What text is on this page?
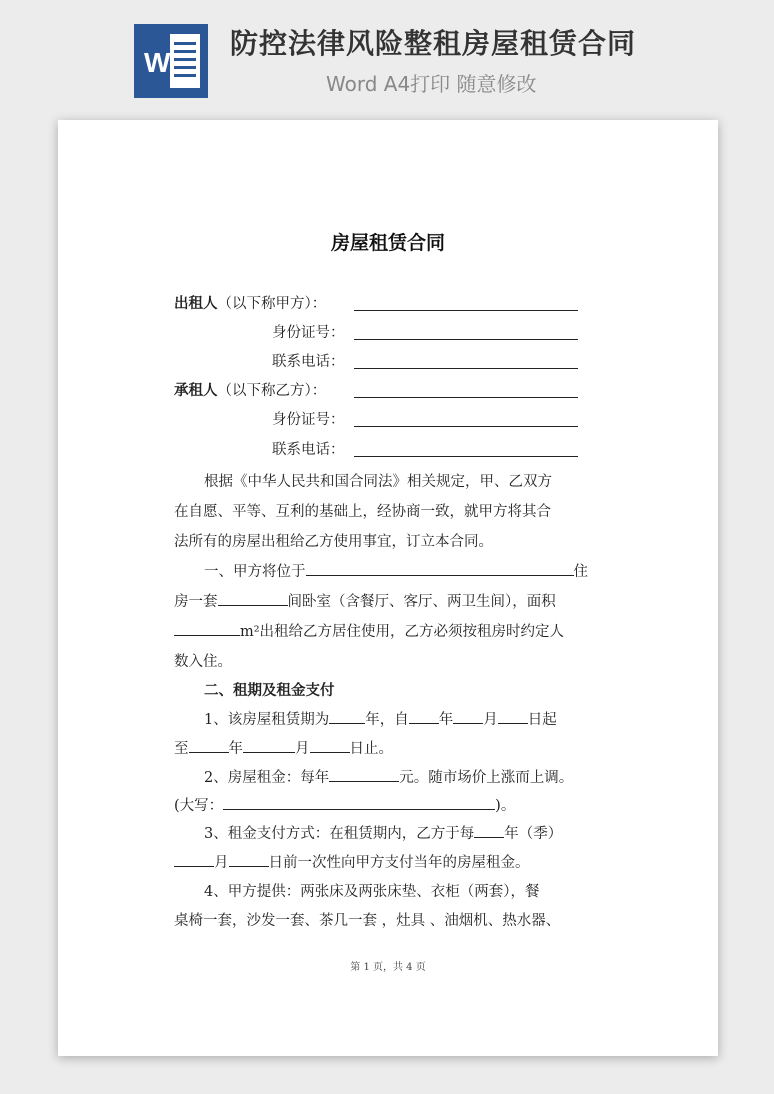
W
防控法律风险整租房屋租赁合同
Word A4打印 随意修改
房屋租赁合同
出租人（以下称甲方）：
身份证号：
联系电话：
承租人（以下称乙方）：
身份证号：
联系电话：
根据《中华人民共和国合同法》相关规定，甲、乙双方
在自愿、平等、互利的基础上，经协商一致，就甲方将其合
法所有的房屋出租给乙方使用事宜，订立本合同。
一、甲方将位于	住
房一套	间卧室（含餐厅、客厅、两卫生间），面积
m²出租给乙方居住使用，乙方必须按租房时约定人
数入住。
二、租期及租金支付
1、该房屋租赁期为 年，自 年 月 日起
至	年	月	日止。
2、房屋租金：每年	元。随市场价上涨而上调。
(大写：	)。
3、租金支付方式：在租赁期内，乙方于每 年（季）
月	日前一次性向甲方支付当年的房屋租金。
4、甲方提供：两张床及两张床垫、衣柜（两套），餐
桌椅一套，沙发一套、茶几一套 ，灶具 、油烟机、热水器、
第 1 页，共 4 页
